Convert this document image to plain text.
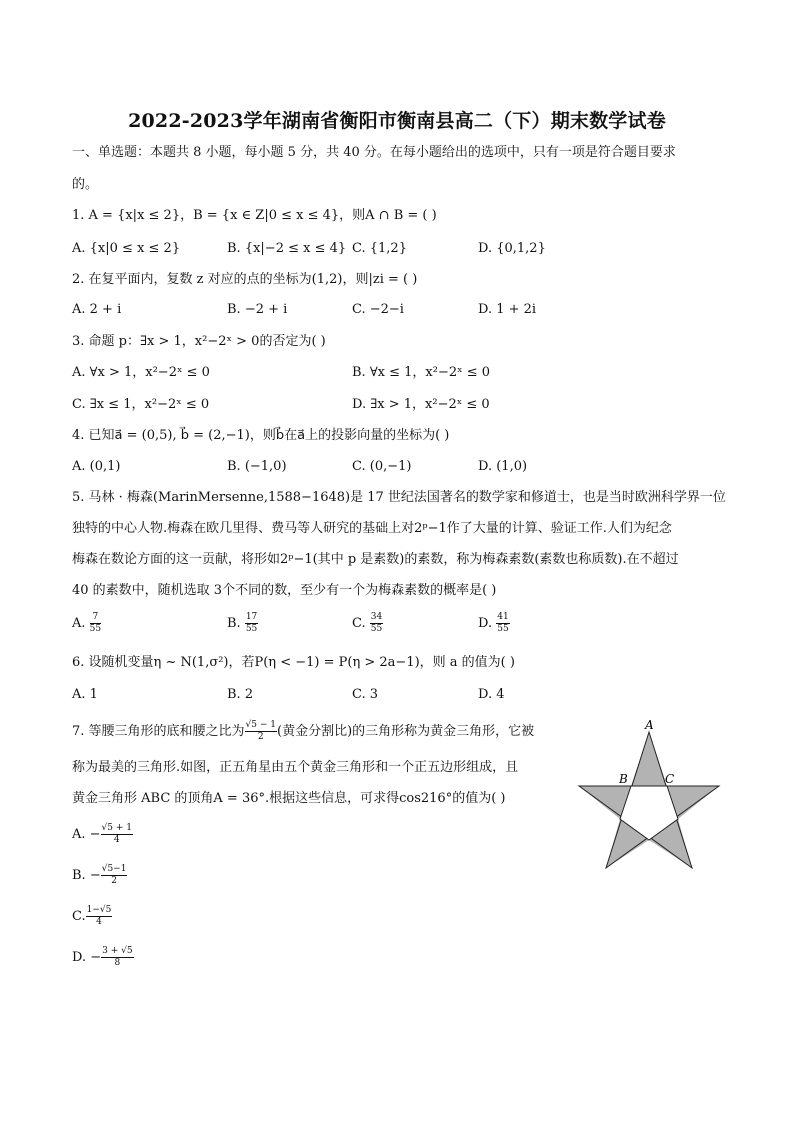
2022-2023学年湖南省衡阳市衡南县高二（下）期末数学试卷
一、单选题：本题共 8 小题，每小题 5 分，共 40 分。在每小题给出的选项中，只有一项是符合题目要求
的。
1. A = {x|x ≤ 2}，B = {x ∈ Z|0 ≤ x ≤ 4}，则A ∩ B = ( )
A. {x|0 ≤ x ≤ 2}	B. {x|−2 ≤ x ≤ 4} C. {1,2}	D. {0,1,2}
2. 在复平面内，复数 z 对应的点的坐标为(1,2)，则|zi = ( )
A. 2 + i	B. −2 + i	C. −2−i	D. 1 + 2i
3. 命题 p：∃x > 1，x²−2ˣ > 0的否定为( )
A. ∀x > 1，x²−2ˣ ≤ 0	B. ∀x ≤ 1，x²−2ˣ ≤ 0
C. ∃x ≤ 1，x²−2ˣ ≤ 0	D. ∃x > 1，x²−2ˣ ≤ 0
4. 已知a⃗ = (0,5), b⃗ = (2,−1)，则b⃗在a⃗上的投影向量的坐标为( )
A. (0,1)	B. (−1,0)	C. (0,−1)	D. (1,0)
5. 马林 · 梅森(MarinMersenne,1588−1648)是 17 世纪法国著名的数学家和修道士，也是当时欧洲科学界一位
独特的中心人物.梅森在欧几里得、费马等人研究的基础上对2ᵖ−1作了大量的计算、验证工作.人们为纪念
梅森在数论方面的这一贡献，将形如2ᵖ−1(其中 p 是素数)的素数，称为梅森素数(素数也称质数).在不超过
40 的素数中，随机选取 3个不同的数，至少有一个为梅森素数的概率是( )
A. $\frac{7}{55}$	B. $\frac{17}{55}$	C. $\frac{34}{55}$	D. $\frac{41}{55}$
6. 设随机变量η ~ N(1,σ²)，若P(η < −1) = P(η > 2a−1)，则 a 的值为( )
A. 1	B. 2	C. 3	D. 4
7. 等腰三角形的底和腰之比为 $\frac{√5 - 1}{2}$ (黄金分割比)的三角形称为黄金三角形，它被
称为最美的三角形.如图，正五角星由五个黄金三角形和一个正五边形组成，且
黄金三角形 ABC 的顶角A = 36°.根据这些信息，可求得cos216°的值为( )
A. − $\frac{√5 + 1}{4}$
B. − $\frac{√5-1}{2}$
C. $\frac{1-√5}{4}$
D. − $\frac{3 + √5}{8}$
A
B	C
